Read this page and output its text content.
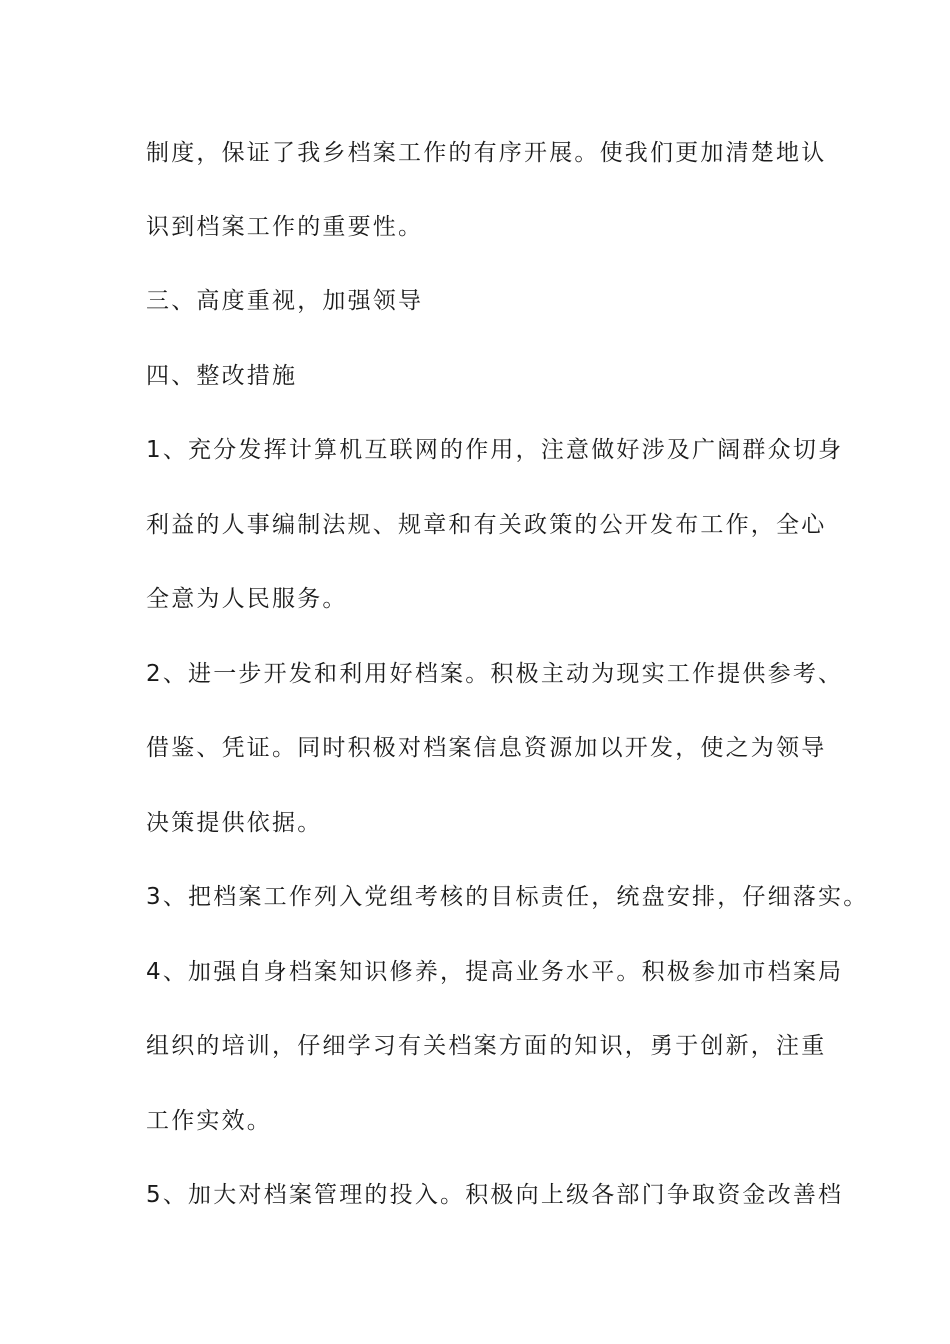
制度，保证了我乡档案工作的有序开展。使我们更加清楚地认
识到档案工作的重要性。
三、高度重视，加强领导
四、整改措施
1、充分发挥计算机互联网的作用，注意做好涉及广阔群众切身
利益的人事编制法规、规章和有关政策的公开发布工作，全心
全意为人民服务。
2、进一步开发和利用好档案。积极主动为现实工作提供参考、
借鉴、凭证。同时积极对档案信息资源加以开发，使之为领导
决策提供依据。
3、把档案工作列入党组考核的目标责任，统盘安排，仔细落实。
4、加强自身档案知识修养，提高业务水平。积极参加市档案局
组织的培训，仔细学习有关档案方面的知识，勇于创新，注重
工作实效。
5、加大对档案管理的投入。积极向上级各部门争取资金改善档
